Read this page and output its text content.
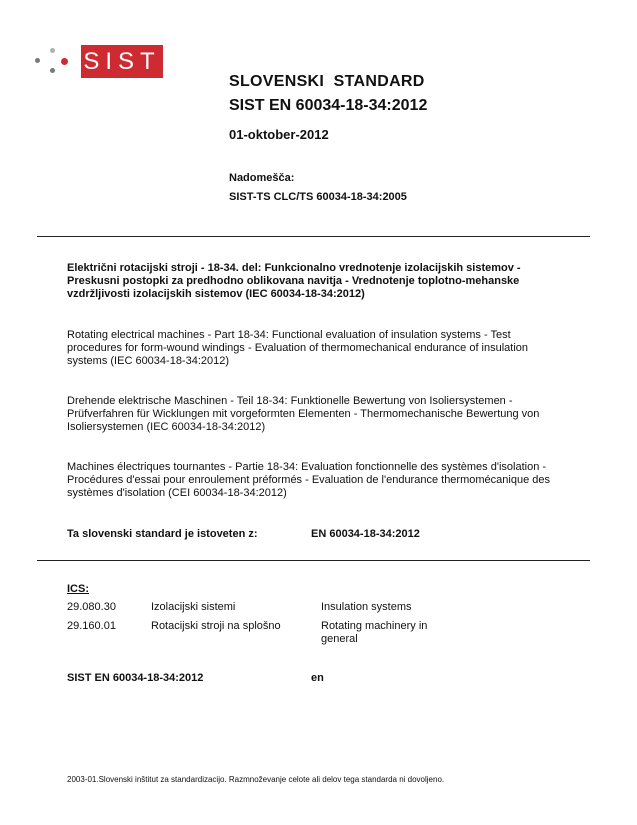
SIST
SLOVENSKI  STANDARD
SIST EN 60034-18-34:2012
01-oktober-2012
Nadomešča:
SIST-TS CLC/TS 60034-18-34:2005
Električni rotacijski stroji - 18-34. del: Funkcionalno vrednotenje izolacijskih sistemov - Preskusni postopki za predhodno oblikovana navitja - Vrednotenje toplotno-mehanske vzdržljivosti izolacijskih sistemov (IEC 60034-18-34:2012)
Rotating electrical machines - Part 18-34: Functional evaluation of insulation systems - Test procedures for form-wound windings - Evaluation of thermomechanical endurance of insulation systems (IEC 60034-18-34:2012)
Drehende elektrische Maschinen - Teil 18-34: Funktionelle Bewertung von Isoliersystemen - Prüfverfahren für Wicklungen mit vorgeformten Elementen - Thermomechanische Bewertung von Isoliersystemen (IEC 60034-18-34:2012)
Machines électriques tournantes - Partie 18-34: Evaluation fonctionnelle des systèmes d'isolation - Procédures d'essai pour enroulement préformés - Evaluation de l'endurance thermomécanique des systèmes d'isolation (CEI 60034-18-34:2012)
Ta slovenski standard je istoveten z:	EN 60034-18-34:2012
ICS:
29.080.30	Izolacijski sistemi	Insulation systems
29.160.01	Rotacijski stroji na splošno	Rotating machinery in general
SIST EN 60034-18-34:2012	en
2003-01.Slovenski inštitut za standardizacijo. Razmnoževanje celote ali delov tega standarda ni dovoljeno.
